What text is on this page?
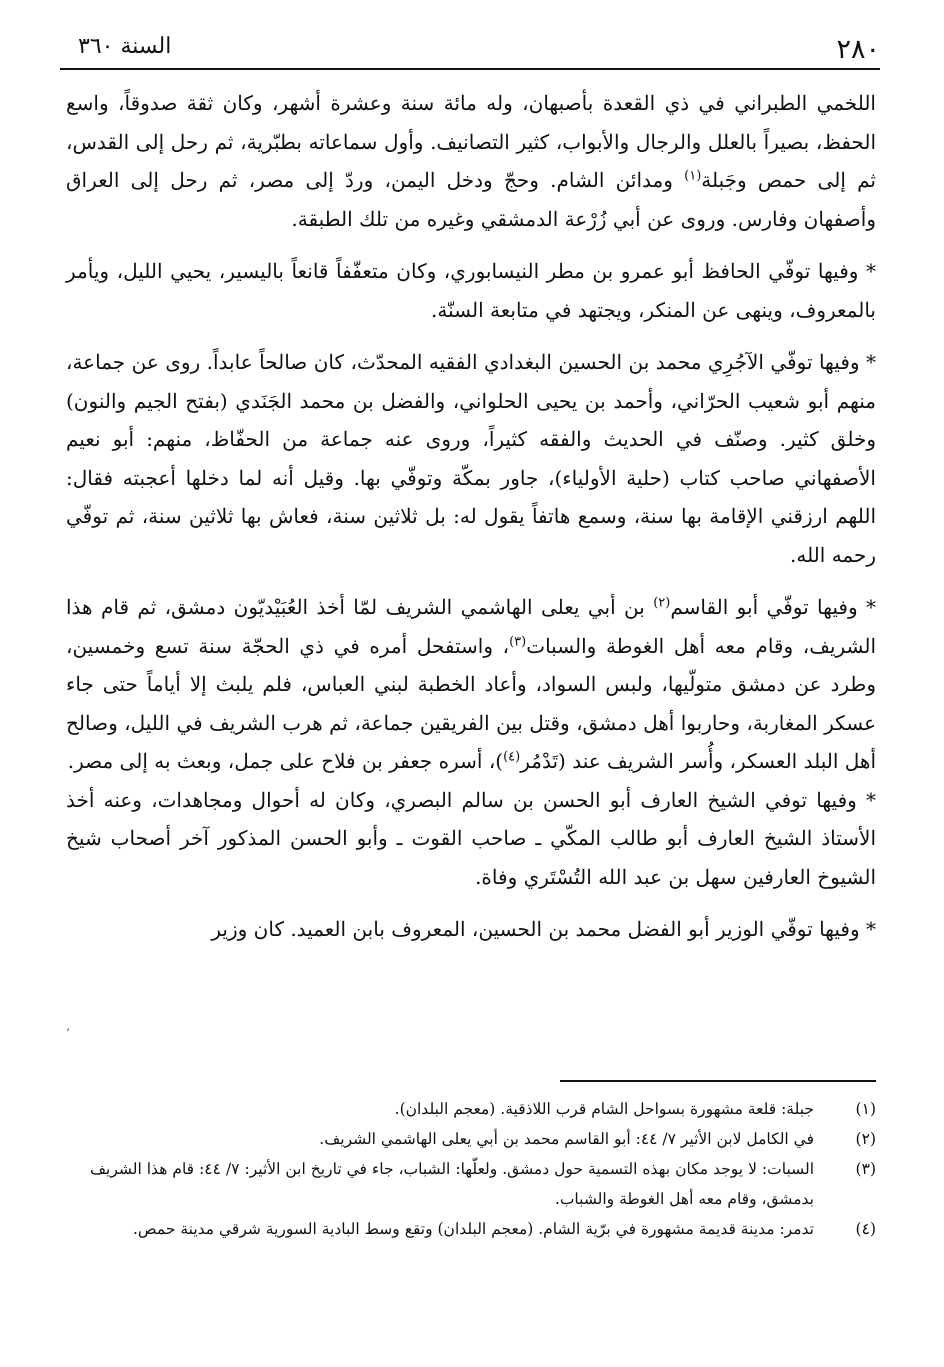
٢٨٠
السنة ٣٦٠

اللخمي الطبراني في ذي القعدة بأصبهان، وله مائة سنة وعشرة أشهر، وكان ثقة صدوقاً، واسع الحفظ، بصيراً بالعلل والرجال والأبواب، كثير التصانيف. وأول سماعاته بطبّرية، ثم رحل إلى القدس، ثم إلى حمص وجَبلة$^{(١)}$ ومدائن الشام. وحجّ ودخل اليمن، وردّ إلى مصر، ثم رحل إلى العراق وأصفهان وفارس. وروى عن أبي زُرْعة الدمشقي وغيره من تلك الطبقة.

* وفيها توفّي الحافظ أبو عمرو بن مطر النيسابوري، وكان متعفّفاً قانعاً باليسير، يحيي الليل، ويأمر بالمعروف، وينهى عن المنكر، ويجتهد في متابعة السنّة.

* وفيها توفّي الآجُرِي محمد بن الحسين البغدادي الفقيه المحدّث، كان صالحاً عابداً. روى عن جماعة، منهم أبو شعيب الحرّاني، وأحمد بن يحيى الحلواني، والفضل بن محمد الجَنَدي (بفتح الجيم والنون) وخلق كثير. وصنّف في الحديث والفقه كثيراً، وروى عنه جماعة من الحفّاظ، منهم: أبو نعيم الأصفهاني صاحب كتاب (حلية الأولياء)، جاور بمكّة وتوفّي بها. وقيل أنه لما دخلها أعجبته فقال: اللهم ارزقني الإقامة بها سنة، وسمع هاتفاً يقول له: بل ثلاثين سنة، فعاش بها ثلاثين سنة، ثم توفّي رحمه الله.

* وفيها توفّي أبو القاسم$^{(٢)}$ بن أبي يعلى الهاشمي الشريف لمّا أخذ العُبَيْديّون دمشق، ثم قام هذا الشريف، وقام معه أهل الغوطة والسبات$^{(٣)}$، واستفحل أمره في ذي الحجّة سنة تسع وخمسين، وطرد عن دمشق متولّيها، ولبس السواد، وأعاد الخطبة لبني العباس، فلم يلبث إلا أياماً حتى جاء عسكر المغاربة، وحاربوا أهل دمشق، وقتل بين الفريقين جماعة، ثم هرب الشريف في الليل، وصالح أهل البلد العسكر، وأُسر الشريف عند (تَدْمُر$^{(٤)}$)، أسره جعفر بن فلاح على جمل، وبعث به إلى مصر.

* وفيها توفي الشيخ العارف أبو الحسن بن سالم البصري، وكان له أحوال ومجاهدات، وعنه أخذ الأستاذ الشيخ العارف أبو طالب المكّي ـ صاحب القوت ـ وأبو الحسن المذكور آخر أصحاب شيخ الشيوخ العارفين سهل بن عبد الله التُسْتَري وفاة.

* وفيها توفّي الوزير أبو الفضل محمد بن الحسين، المعروف بابن العميد. كان وزير

،
(١)
جبلة: قلعة مشهورة بسواحل الشام قرب اللاذقية. (معجم البلدان).
(٢)
في الكامل لابن الأثير ٧/ ٤٤: أبو القاسم محمد بن أبي يعلى الهاشمي الشريف.
(٣)
السبات: لا يوجد مكان بهذه التسمية حول دمشق. ولعلّها: الشباب، جاء في تاريخ ابن الأثير: ٧/ ٤٤: قام هذا الشريف بدمشق، وقام معه أهل الغوطة والشباب.
(٤)
تدمر: مدينة قديمة مشهورة في برّية الشام. (معجم البلدان) وتقع وسط البادية السورية شرقي مدينة حمص.
